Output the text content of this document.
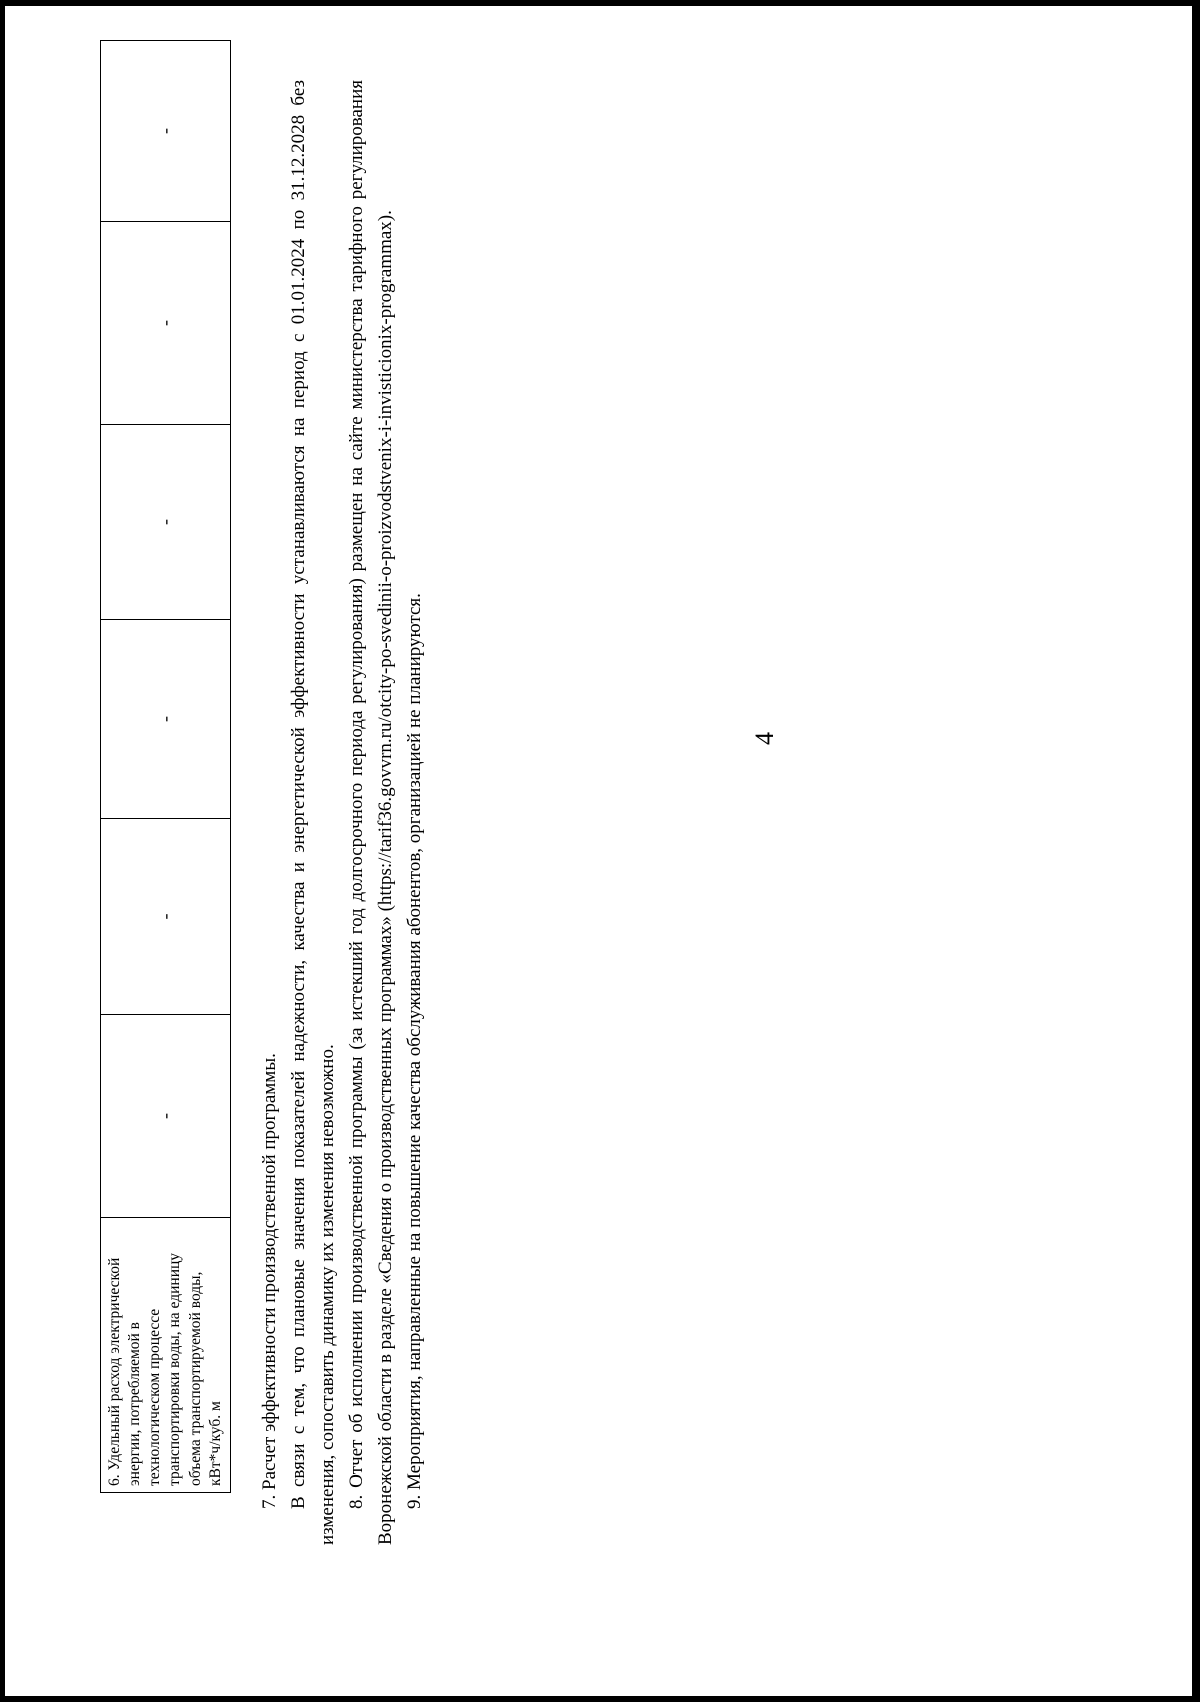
4
6. Удельный расход электрической энергии, потребляемой в технологическом процессе транспортировки воды, на единицу объема транспортируемой воды, кВт*ч/куб. м	-	-	-	-	-	-

7. Расчет эффективности производственной программы. В связи с тем, что плановые значения показателей надежности, качества и энергетической эффективности устанавливаются на период с 01.01.2024 по 31.12.2028 без изменения, сопоставить динамику их изменения невозможно. 8. Отчет об исполнении производственной программы (за истекший год долгосрочного периода регулирования) размещен на сайте министерства тарифного регулирования Воронежской области в разделе «Сведения о производственных программах» (https://tarif36.govvrn.ru/otcity-po-svedinii-o-proizvodstvenix-i-invisticionix-programmax). 9. Мероприятия, направленные на повышение качества обслуживания абонентов, организацией не планируются.
